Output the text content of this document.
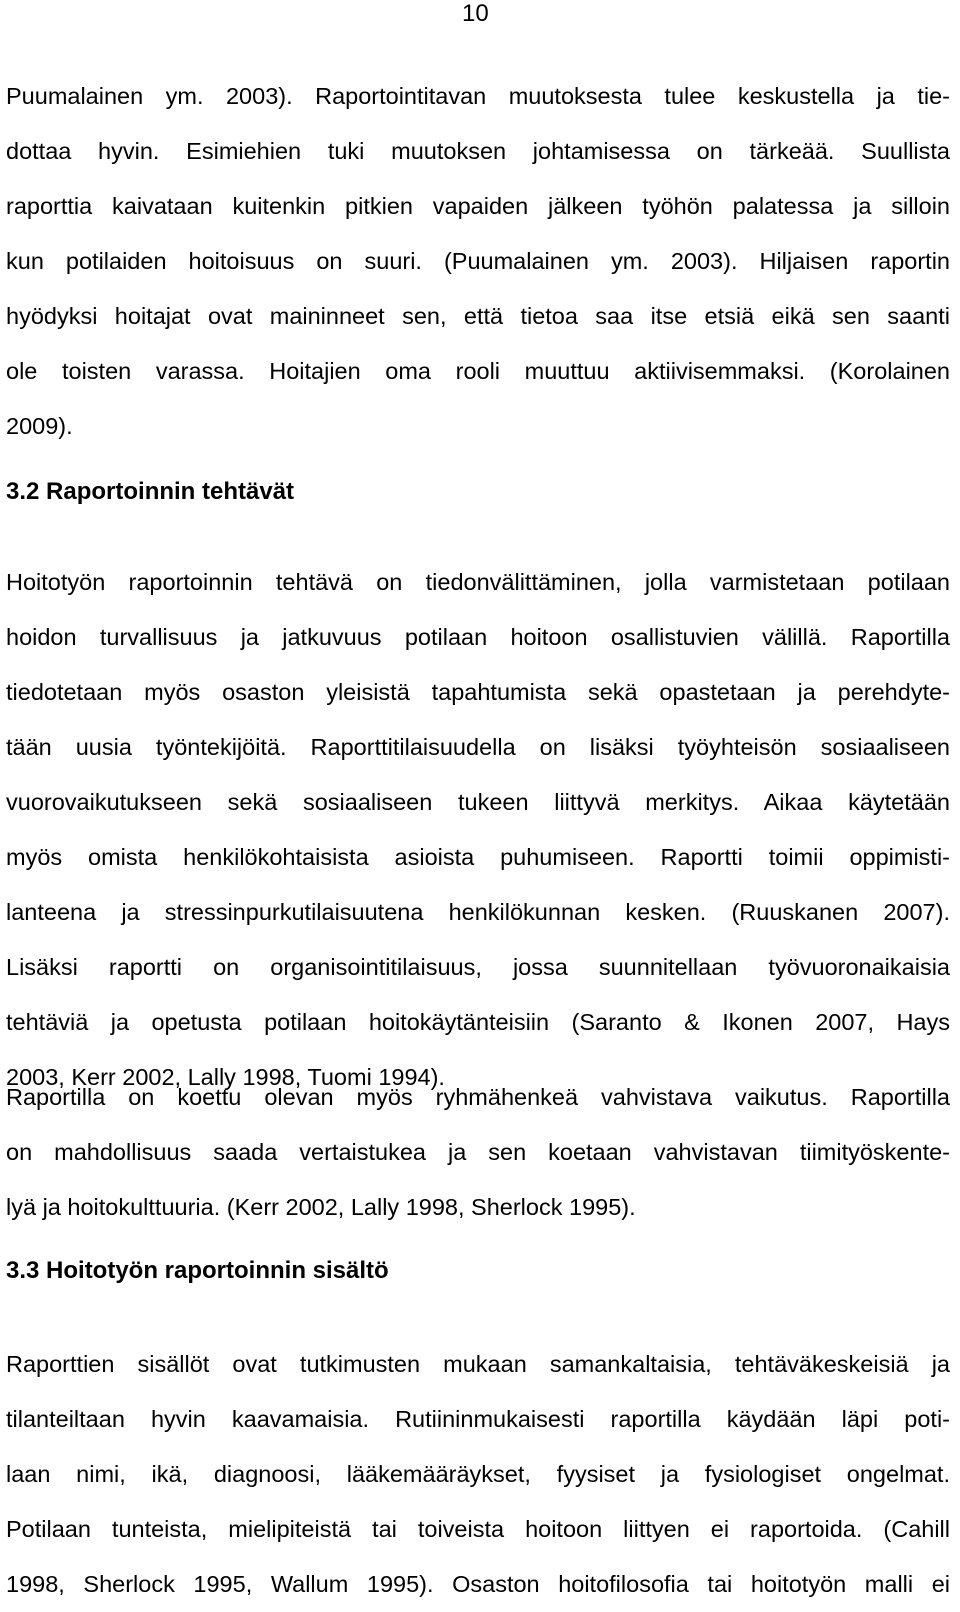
10
Puumalainen ym. 2003). Raportointitavan muutoksesta tulee keskustella ja tie-
dottaa hyvin. Esimiehien tuki muutoksen johtamisessa on tärkeää. Suullista
raporttia kaivataan kuitenkin pitkien vapaiden jälkeen työhön palatessa ja silloin
kun potilaiden hoitoisuus on suuri. (Puumalainen ym. 2003). Hiljaisen raportin
hyödyksi hoitajat ovat maininneet sen, että tietoa saa itse etsiä eikä sen saanti
ole toisten varassa. Hoitajien oma rooli muuttuu aktiivisemmaksi. (Korolainen
2009).
3.2 Raportoinnin tehtävät
Hoitotyön raportoinnin tehtävä on tiedonvälittäminen, jolla varmistetaan potilaan
hoidon turvallisuus ja jatkuvuus potilaan hoitoon osallistuvien välillä. Raportilla
tiedotetaan myös osaston yleisistä tapahtumista sekä opastetaan ja perehdyte-
tään uusia työntekijöitä. Raporttitilaisuudella on lisäksi työyhteisön sosiaaliseen
vuorovaikutukseen sekä sosiaaliseen tukeen liittyvä merkitys. Aikaa käytetään
myös omista henkilökohtaisista asioista puhumiseen. Raportti toimii oppimisti-
lanteena ja stressinpurkutilaisuutena henkilökunnan kesken. (Ruuskanen 2007).
Lisäksi raportti on organisointitilaisuus, jossa suunnitellaan työvuoronaikaisia
tehtäviä ja opetusta potilaan hoitokäytänteisiin (Saranto & Ikonen 2007, Hays
2003, Kerr 2002, Lally 1998, Tuomi 1994).
Raportilla on koettu olevan myös ryhmähenkeä vahvistava vaikutus. Raportilla
on mahdollisuus saada vertaistukea ja sen koetaan vahvistavan tiimityöskente-
lyä ja hoitokulttuuria. (Kerr 2002, Lally 1998, Sherlock 1995).
3.3 Hoitotyön raportoinnin sisältö
Raporttien sisällöt ovat tutkimusten mukaan samankaltaisia, tehtäväkeskeisiä ja
tilanteiltaan hyvin kaavamaisia. Rutiininmukaisesti raportilla käydään läpi poti-
laan nimi, ikä, diagnoosi, lääkemääräykset, fyysiset ja fysiologiset ongelmat.
Potilaan tunteista, mielipiteistä tai toiveista hoitoon liittyen ei raportoida. (Cahill
1998, Sherlock 1995, Wallum 1995). Osaston hoitofilosofia tai hoitotyön malli ei
